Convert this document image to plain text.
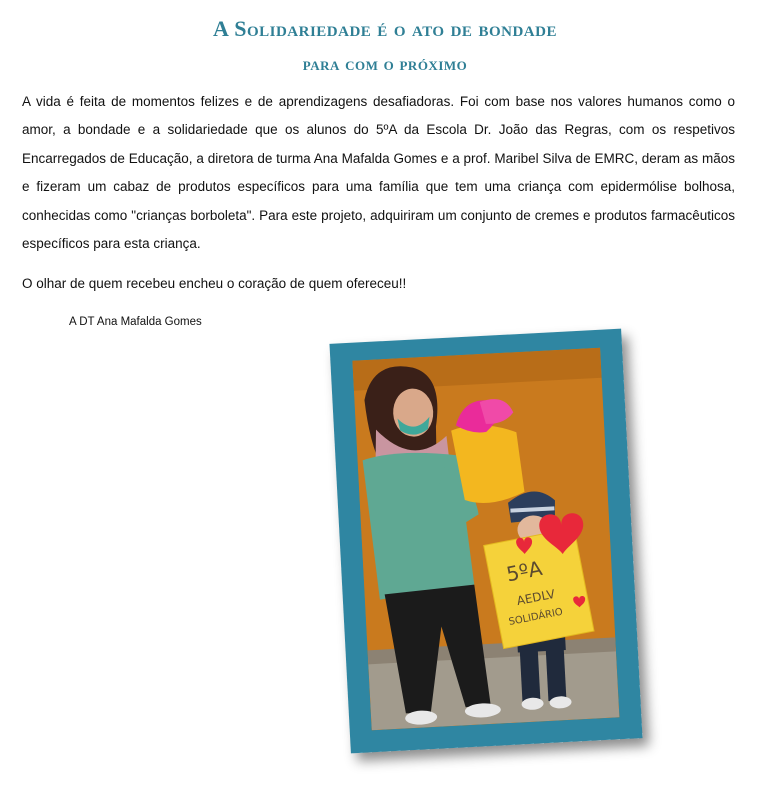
A Solidariedade é o ato de bondade
para com o próximo

A vida é feita de momentos felizes e de aprendizagens desafiadoras. Foi com base nos valores humanos como o amor, a bondade e a solidariedade que os alunos do 5ºA da Escola Dr. João das Regras, com os respetivos Encarregados de Educação, a diretora de turma Ana Mafalda Gomes e a prof. Maribel Silva de EMRC, deram as mãos e fizeram um cabaz de produtos específicos para uma família que tem uma criança com epidermólise bolhosa, conhecidas como "crianças borboleta". Para este projeto, adquiriram um conjunto de cremes e produtos farmacêuticos específicos para esta criança.

O olhar de quem recebeu encheu o coração de quem ofereceu!!

A DT Ana Mafalda Gomes
5ºA
AEDLV
SOLIDÁRIO
